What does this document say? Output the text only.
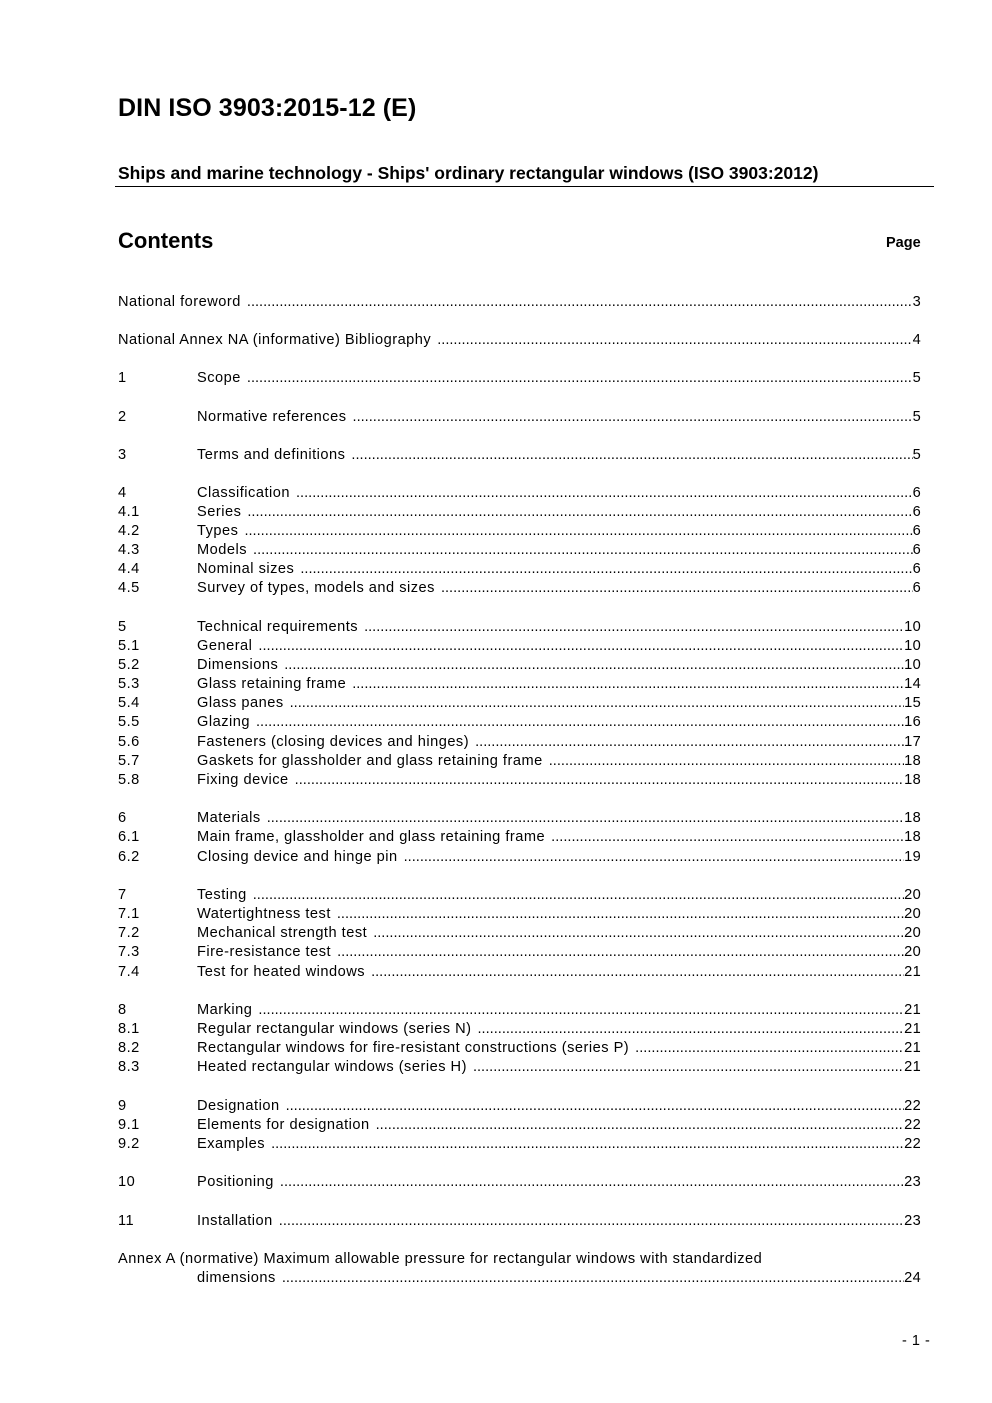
DIN ISO 3903:2015-12 (E)
Ships and marine technology - Ships' ordinary rectangular windows (ISO 3903:2012)
Contents	Page
National foreword .....	3
National Annex NA (informative) Bibliography .....	4
1	Scope .....	5
2	Normative references .....	5
3	Terms and definitions .....	5
4	Classification .....	6
4.1	Series .....	6
4.2	Types .....	6
4.3	Models .....	6
4.4	Nominal sizes .....	6
4.5	Survey of types, models and sizes .....	6
5	Technical requirements .....	10
5.1	General .....	10
5.2	Dimensions .....	10
5.3	Glass retaining frame .....	14
5.4	Glass panes .....	15
5.5	Glazing .....	16
5.6	Fasteners (closing devices and hinges) .....	17
5.7	Gaskets for glassholder and glass retaining frame .....	18
5.8	Fixing device .....	18
6	Materials .....	18
6.1	Main frame, glassholder and glass retaining frame .....	18
6.2	Closing device and hinge pin .....	19
7	Testing .....	20
7.1	Watertightness test .....	20
7.2	Mechanical strength test .....	20
7.3	Fire-resistance test .....	20
7.4	Test for heated windows .....	21
8	Marking .....	21
8.1	Regular rectangular windows (series N) .....	21
8.2	Rectangular windows for fire-resistant constructions (series P) .....	21
8.3	Heated rectangular windows (series H) .....	21
9	Designation .....	22
9.1	Elements for designation .....	22
9.2	Examples .....	22
10	Positioning .....	23
11	Installation .....	23
Annex A (normative) Maximum allowable pressure for rectangular windows with standardized
dimensions .....	24
- 1 -
